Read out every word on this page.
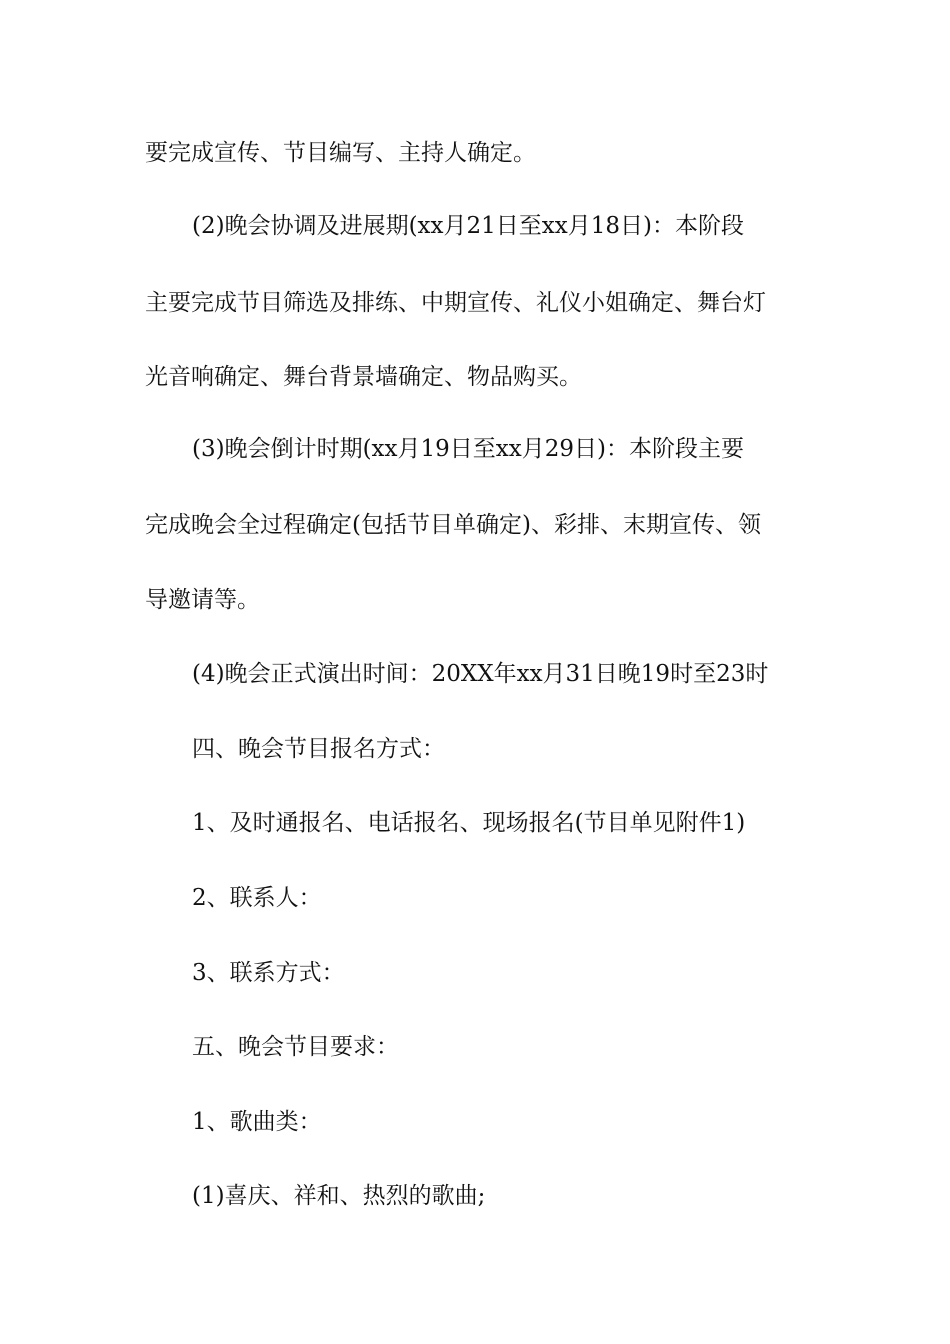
要完成宣传、节目编写、主持人确定。
(2)晚会协调及进展期(xx月21日至xx月18日)：本阶段
主要完成节目筛选及排练、中期宣传、礼仪小姐确定、舞台灯
光音响确定、舞台背景墙确定、物品购买。
(3)晚会倒计时期(xx月19日至xx月29日)：本阶段主要
完成晚会全过程确定(包括节目单确定)、彩排、末期宣传、领
导邀请等。
(4)晚会正式演出时间：20XX年xx月31日晚19时至23时
四、晚会节目报名方式：
1、及时通报名、电话报名、现场报名(节目单见附件1)
2、联系人：
3、联系方式：
五、晚会节目要求：
1、歌曲类：
(1)喜庆、祥和、热烈的歌曲;
